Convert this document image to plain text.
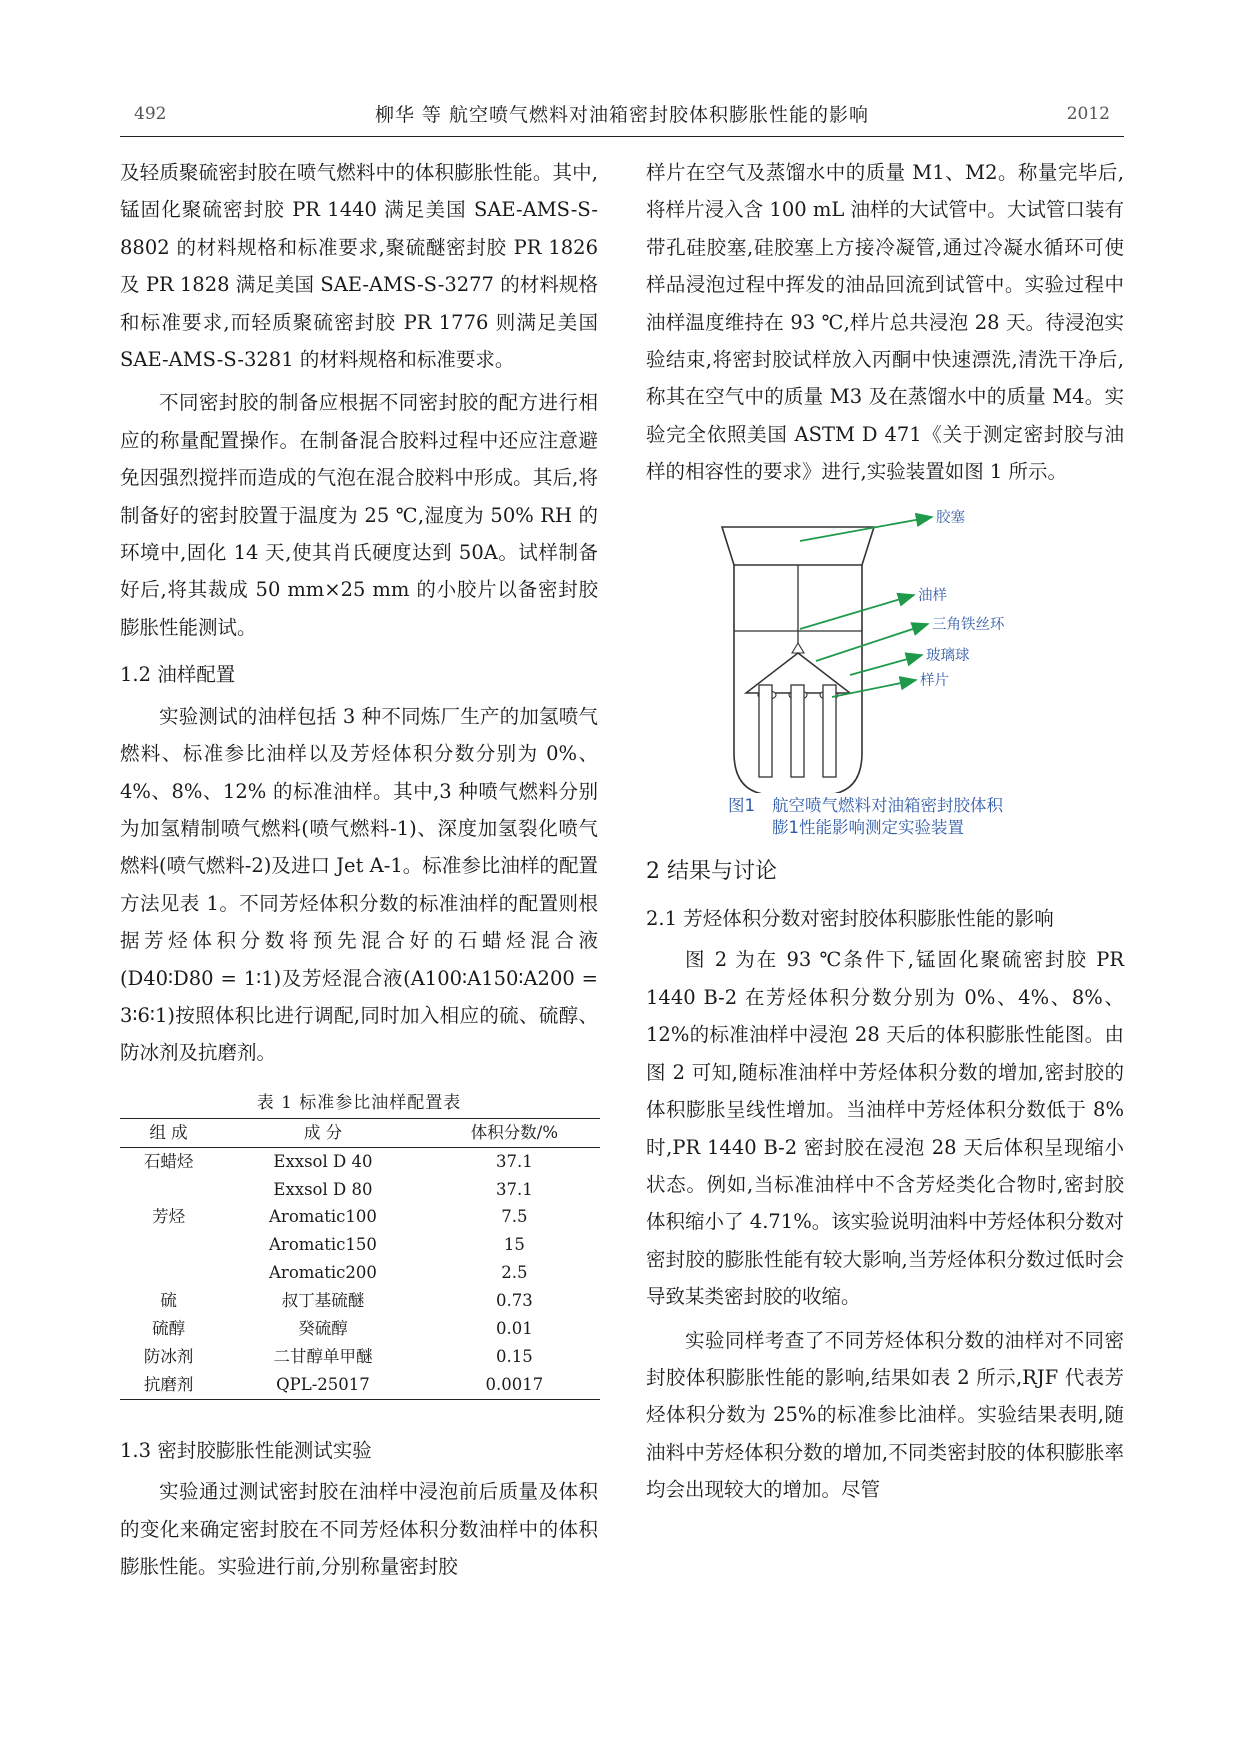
492	柳华 等 航空喷气燃料对油箱密封胶体积膨胀性能的影响	2012

及轻质聚硫密封胶在喷气燃料中的体积膨胀性能。其中,锰固化聚硫密封胶 PR 1440 满足美国 SAE-AMS-S-8802 的材料规格和标准要求,聚硫醚密封胶 PR 1826 及 PR 1828 满足美国 SAE-AMS-S-3277 的材料规格和标准要求,而轻质聚硫密封胶 PR 1776 则满足美国 SAE-AMS-S-3281 的材料规格和标准要求。

不同密封胶的制备应根据不同密封胶的配方进行相应的称量配置操作。在制备混合胶料过程中还应注意避免因强烈搅拌而造成的气泡在混合胶料中形成。其后,将制备好的密封胶置于温度为 25 ℃,湿度为 50% RH 的环境中,固化 14 天,使其肖氏硬度达到 50A。试样制备好后,将其裁成 50 mm×25 mm 的小胶片以备密封胶膨胀性能测试。

1.2 油样配置

实验测试的油样包括 3 种不同炼厂生产的加氢喷气燃料、标准参比油样以及芳烃体积分数分别为 0%、4%、8%、12% 的标准油样。其中,3 种喷气燃料分别为加氢精制喷气燃料(喷气燃料-1)、深度加氢裂化喷气燃料(喷气燃料-2)及进口 Jet A-1。标准参比油样的配置方法见表 1。不同芳烃体积分数的标准油样的配置则根据芳烃体积分数将预先混合好的石蜡烃混合液(D40∶D80 = 1∶1)及芳烃混合液(A100∶A150∶A200 = 3∶6∶1)按照体积比进行调配,同时加入相应的硫、硫醇、防冰剂及抗磨剂。

表 1 标准参比油样配置表
组 成	成 分	体积分数/%
石蜡烃	Exxsol D 40	37.1
	Exxsol D 80	37.1
芳烃	Aromatic100	7.5
	Aromatic150	15
	Aromatic200	2.5
硫	叔丁基硫醚	0.73
硫醇	癸硫醇	0.01
防冰剂	二甘醇单甲醚	0.15
抗磨剂	QPL-25017	0.0017
1.3 密封胶膨胀性能测试实验

实验通过测试密封胶在油样中浸泡前后质量及体积的变化来确定密封胶在不同芳烃体积分数油样中的体积膨胀性能。实验进行前,分别称量密封胶

样片在空气及蒸馏水中的质量 M1、M2。称量完毕后,将样片浸入含 100 mL 油样的大试管中。大试管口装有带孔硅胶塞,硅胶塞上方接冷凝管,通过冷凝水循环可使样品浸泡过程中挥发的油品回流到试管中。实验过程中油样温度维持在 93 ℃,样片总共浸泡 28 天。待浸泡实验结束,将密封胶试样放入丙酮中快速漂洗,清洗干净后,称其在空气中的质量 M3 及在蒸馏水中的质量 M4。实验完全依照美国 ASTM D 471《关于测定密封胶与油样的相容性的要求》进行,实验装置如图 1 所示。

胶塞
油样
三角铁丝环
玻璃球
样片
图1 航空喷气燃料对油箱密封胶体积
膨1性能影响测定实验装置
2 结果与讨论
2.1 芳烃体积分数对密封胶体积膨胀性能的影响

图 2 为在 93 ℃条件下,锰固化聚硫密封胶 PR 1440 B-2 在芳烃体积分数分别为 0%、4%、8%、12%的标准油样中浸泡 28 天后的体积膨胀性能图。由图 2 可知,随标准油样中芳烃体积分数的增加,密封胶的体积膨胀呈线性增加。当油样中芳烃体积分数低于 8%时,PR 1440 B-2 密封胶在浸泡 28 天后体积呈现缩小状态。例如,当标准油样中不含芳烃类化合物时,密封胶体积缩小了 4.71%。该实验说明油料中芳烃体积分数对密封胶的膨胀性能有较大影响,当芳烃体积分数过低时会导致某类密封胶的收缩。

实验同样考查了不同芳烃体积分数的油样对不同密封胶体积膨胀性能的影响,结果如表 2 所示,RJF 代表芳烃体积分数为 25%的标准参比油样。实验结果表明,随油料中芳烃体积分数的增加,不同类密封胶的体积膨胀率均会出现较大的增加。尽管
